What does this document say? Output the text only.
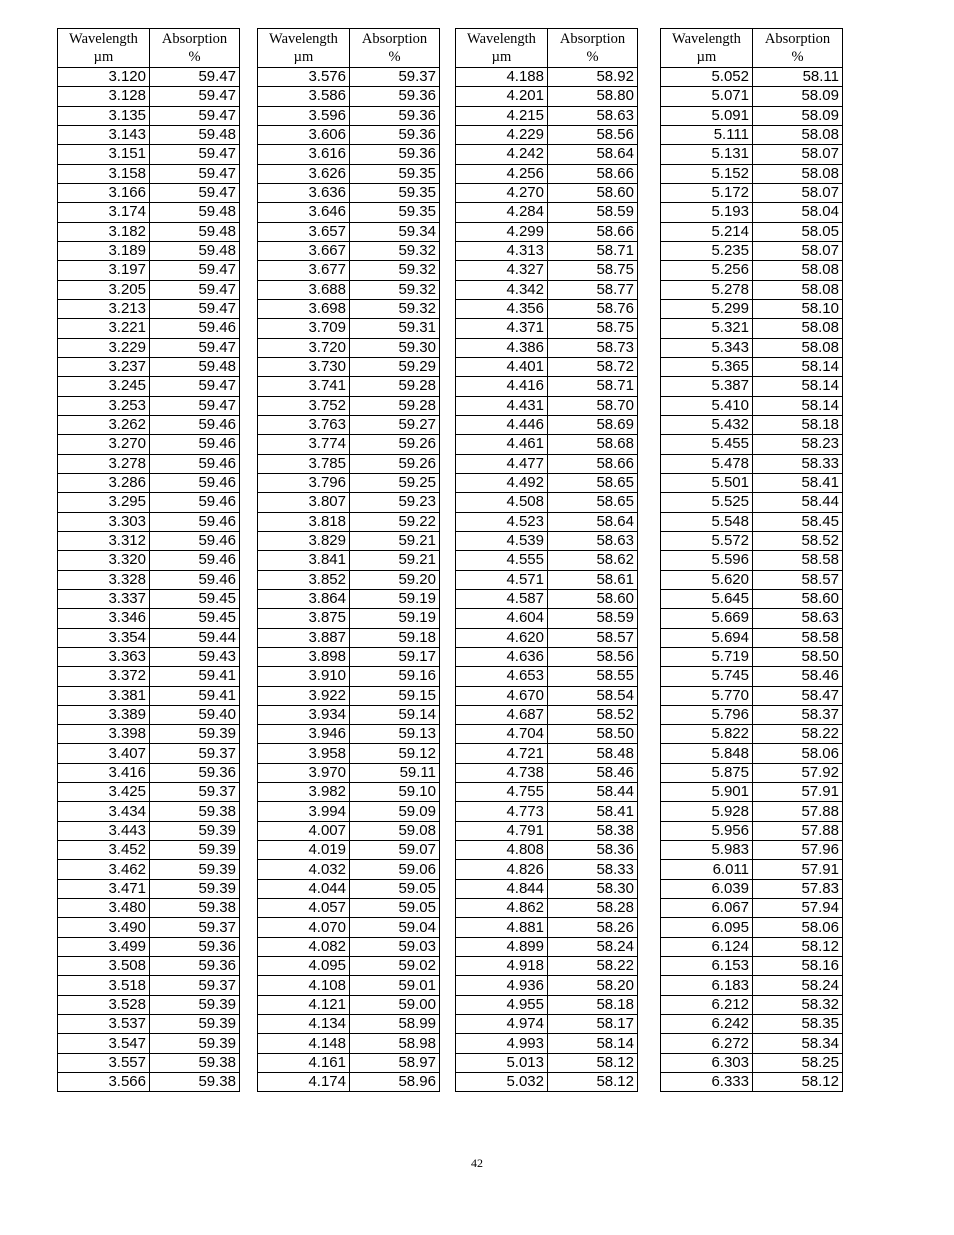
Wavelength
µm	Absorption
%
3.120	59.47
3.128	59.47
3.135	59.47
3.143	59.48
3.151	59.47
3.158	59.47
3.166	59.47
3.174	59.48
3.182	59.48
3.189	59.48
3.197	59.47
3.205	59.47
3.213	59.47
3.221	59.46
3.229	59.47
3.237	59.48
3.245	59.47
3.253	59.47
3.262	59.46
3.270	59.46
3.278	59.46
3.286	59.46
3.295	59.46
3.303	59.46
3.312	59.46
3.320	59.46
3.328	59.46
3.337	59.45
3.346	59.45
3.354	59.44
3.363	59.43
3.372	59.41
3.381	59.41
3.389	59.40
3.398	59.39
3.407	59.37
3.416	59.36
3.425	59.37
3.434	59.38
3.443	59.39
3.452	59.39
3.462	59.39
3.471	59.39
3.480	59.38
3.490	59.37
3.499	59.36
3.508	59.36
3.518	59.37
3.528	59.39
3.537	59.39
3.547	59.39
3.557	59.38
3.566	59.38
Wavelength
µm	Absorption
%
3.576	59.37
3.586	59.36
3.596	59.36
3.606	59.36
3.616	59.36
3.626	59.35
3.636	59.35
3.646	59.35
3.657	59.34
3.667	59.32
3.677	59.32
3.688	59.32
3.698	59.32
3.709	59.31
3.720	59.30
3.730	59.29
3.741	59.28
3.752	59.28
3.763	59.27
3.774	59.26
3.785	59.26
3.796	59.25
3.807	59.23
3.818	59.22
3.829	59.21
3.841	59.21
3.852	59.20
3.864	59.19
3.875	59.19
3.887	59.18
3.898	59.17
3.910	59.16
3.922	59.15
3.934	59.14
3.946	59.13
3.958	59.12
3.970	59.11
3.982	59.10
3.994	59.09
4.007	59.08
4.019	59.07
4.032	59.06
4.044	59.05
4.057	59.05
4.070	59.04
4.082	59.03
4.095	59.02
4.108	59.01
4.121	59.00
4.134	58.99
4.148	58.98
4.161	58.97
4.174	58.96
Wavelength
µm	Absorption
%
4.188	58.92
4.201	58.80
4.215	58.63
4.229	58.56
4.242	58.64
4.256	58.66
4.270	58.60
4.284	58.59
4.299	58.66
4.313	58.71
4.327	58.75
4.342	58.77
4.356	58.76
4.371	58.75
4.386	58.73
4.401	58.72
4.416	58.71
4.431	58.70
4.446	58.69
4.461	58.68
4.477	58.66
4.492	58.65
4.508	58.65
4.523	58.64
4.539	58.63
4.555	58.62
4.571	58.61
4.587	58.60
4.604	58.59
4.620	58.57
4.636	58.56
4.653	58.55
4.670	58.54
4.687	58.52
4.704	58.50
4.721	58.48
4.738	58.46
4.755	58.44
4.773	58.41
4.791	58.38
4.808	58.36
4.826	58.33
4.844	58.30
4.862	58.28
4.881	58.26
4.899	58.24
4.918	58.22
4.936	58.20
4.955	58.18
4.974	58.17
4.993	58.14
5.013	58.12
5.032	58.12
Wavelength
µm	Absorption
%
5.052	58.11
5.071	58.09
5.091	58.09
5.111	58.08
5.131	58.07
5.152	58.08
5.172	58.07
5.193	58.04
5.214	58.05
5.235	58.07
5.256	58.08
5.278	58.08
5.299	58.10
5.321	58.08
5.343	58.08
5.365	58.14
5.387	58.14
5.410	58.14
5.432	58.18
5.455	58.23
5.478	58.33
5.501	58.41
5.525	58.44
5.548	58.45
5.572	58.52
5.596	58.58
5.620	58.57
5.645	58.60
5.669	58.63
5.694	58.58
5.719	58.50
5.745	58.46
5.770	58.47
5.796	58.37
5.822	58.22
5.848	58.06
5.875	57.92
5.901	57.91
5.928	57.88
5.956	57.88
5.983	57.96
6.011	57.91
6.039	57.83
6.067	57.94
6.095	58.06
6.124	58.12
6.153	58.16
6.183	58.24
6.212	58.32
6.242	58.35
6.272	58.34
6.303	58.25
6.333	58.12
42
